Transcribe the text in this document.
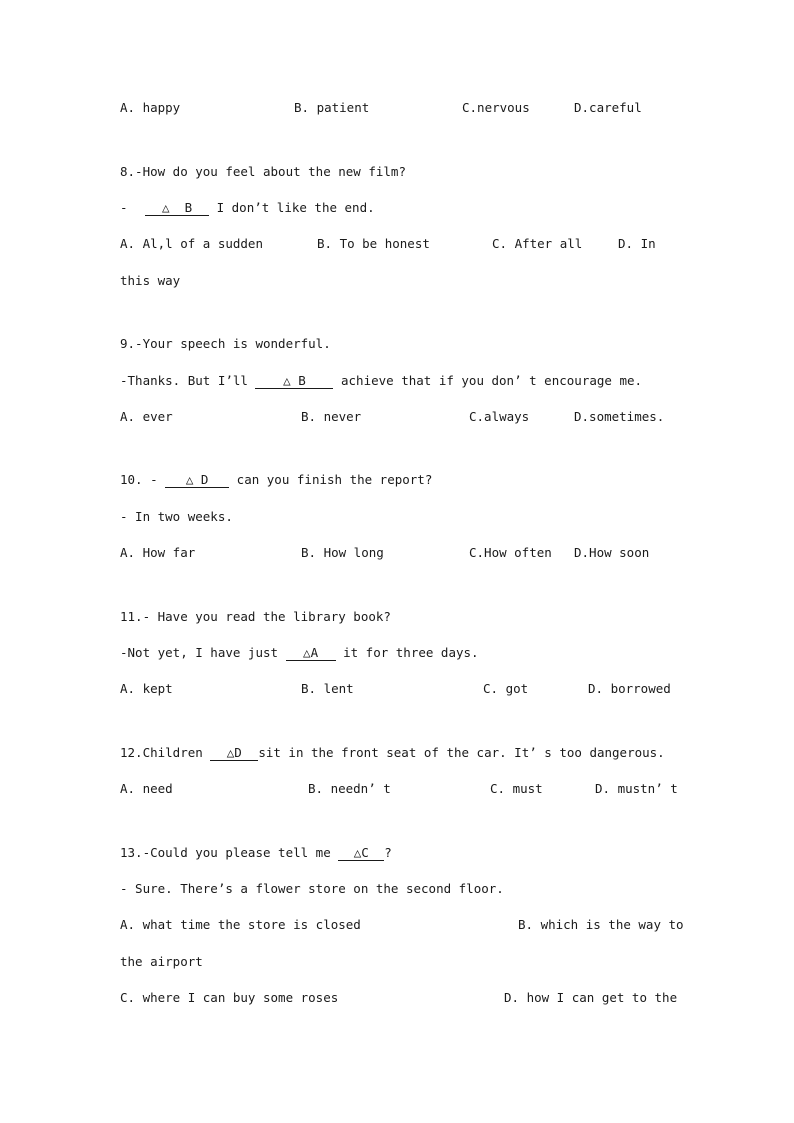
A. happy	B. patient	C.nervous	D.careful
8.-How do you feel about the new film?
- △  B I don’t like the end.
A. Al,l of a sudden	B. To be honest	C. After all	D. In
this way
9.-Your speech is wonderful.
-Thanks. But I’ll △ B achieve that if you don’ t encourage me.
A. ever	B. never	C.always	D.sometimes.
10. - △ D can you finish the report?
- In two weeks.
A. How far	B. How long	C.How often D.How soon
11.- Have you read the library book?
-Not yet, I have just △A it for three days.
A. kept	B. lent	C. got	D. borrowed
12.Children △D sit in the front seat of the car. It’ s too dangerous.
A. need	B. needn’ t	C. must	D. mustn’ t
13.-Could you please tell me △C ?
- Sure. There’s a flower store on the second floor.
A. what time the store is closed	B. which is the way to
the airport
C. where I can buy some roses	D. how I can get to the
